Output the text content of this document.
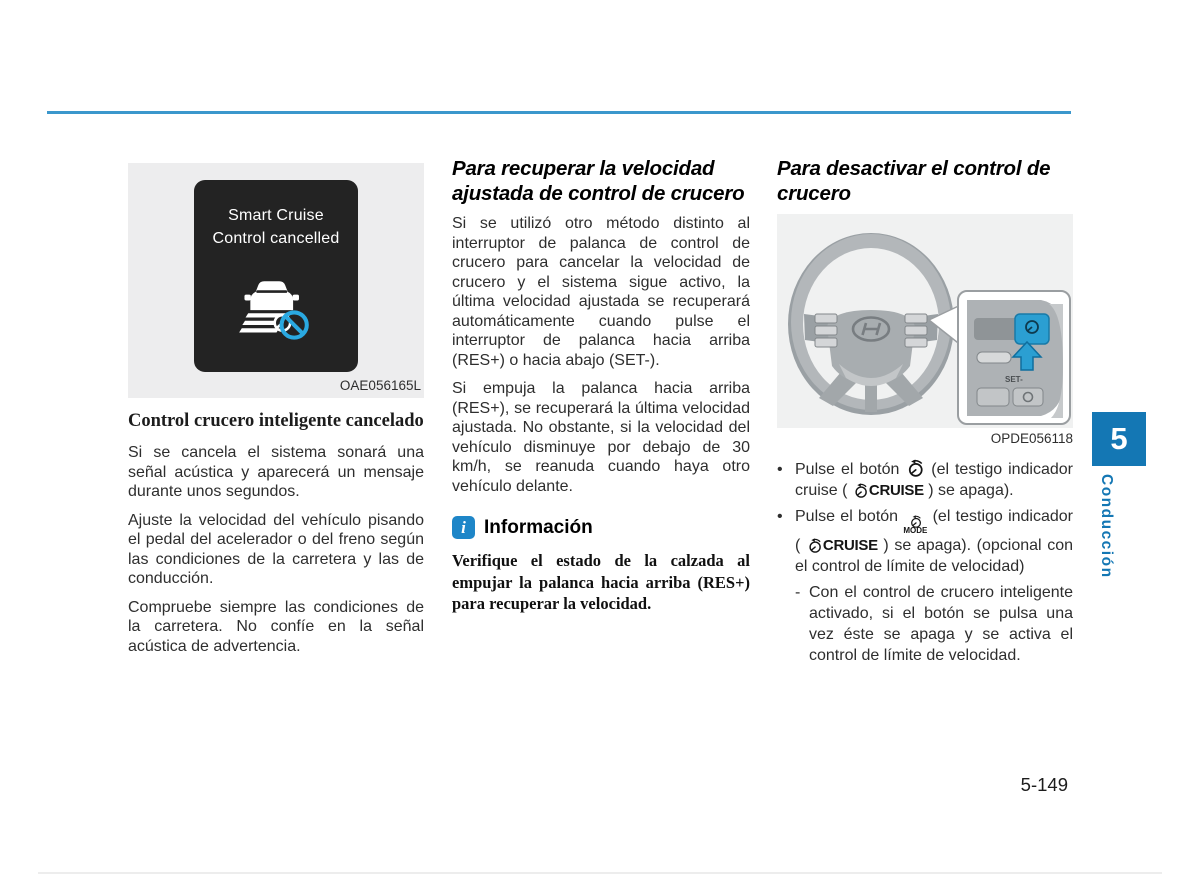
Smart Cruise
Control cancelled
OAE056165L
Control crucero inteligente cancelado

Si se cancela el sistema sonará una señal acústica y aparecerá un mensaje durante unos segundos.

Ajuste la velocidad del vehículo pisando el pedal del acelerador o del freno según las condiciones de la carretera y las de conducción.

Compruebe siempre las condiciones de la carretera. No confíe en la señal acústica de advertencia.

Para recuperar la velocidad ajustada de control de crucero

Si se utilizó otro método distinto al interruptor de palanca de control de crucero para cancelar la velocidad de crucero y el sistema sigue activo, la última velocidad ajustada se recuperará automáticamente cuando pulse el interruptor de palanca hacia arriba (RES+) o hacia abajo (SET-).

Si empuja la palanca hacia arriba (RES+), se recuperará la última velocidad ajustada. No obstante, si la velocidad del vehículo disminuye por debajo de 30 km/h, se reanuda cuando haya otro vehículo delante.

i Información

Verifique el estado de la calzada al empujar la palanca hacia arriba (RES+) para recuperar la velocidad.

Para desactivar el control de crucero
SET-
OPDE056118
• Pulse el botón  (el testigo indicador cruise ( CRUISE ) se apaga).
• Pulse el botón
MODE
(el testigo indicador ( CRUISE ) se apaga). (opcional con el control de límite de velocidad)
- Con el control de crucero inteligente activado, si el botón se pulsa una vez éste se apaga y se activa el control de límite de velocidad.
5
Conducción
5-149
